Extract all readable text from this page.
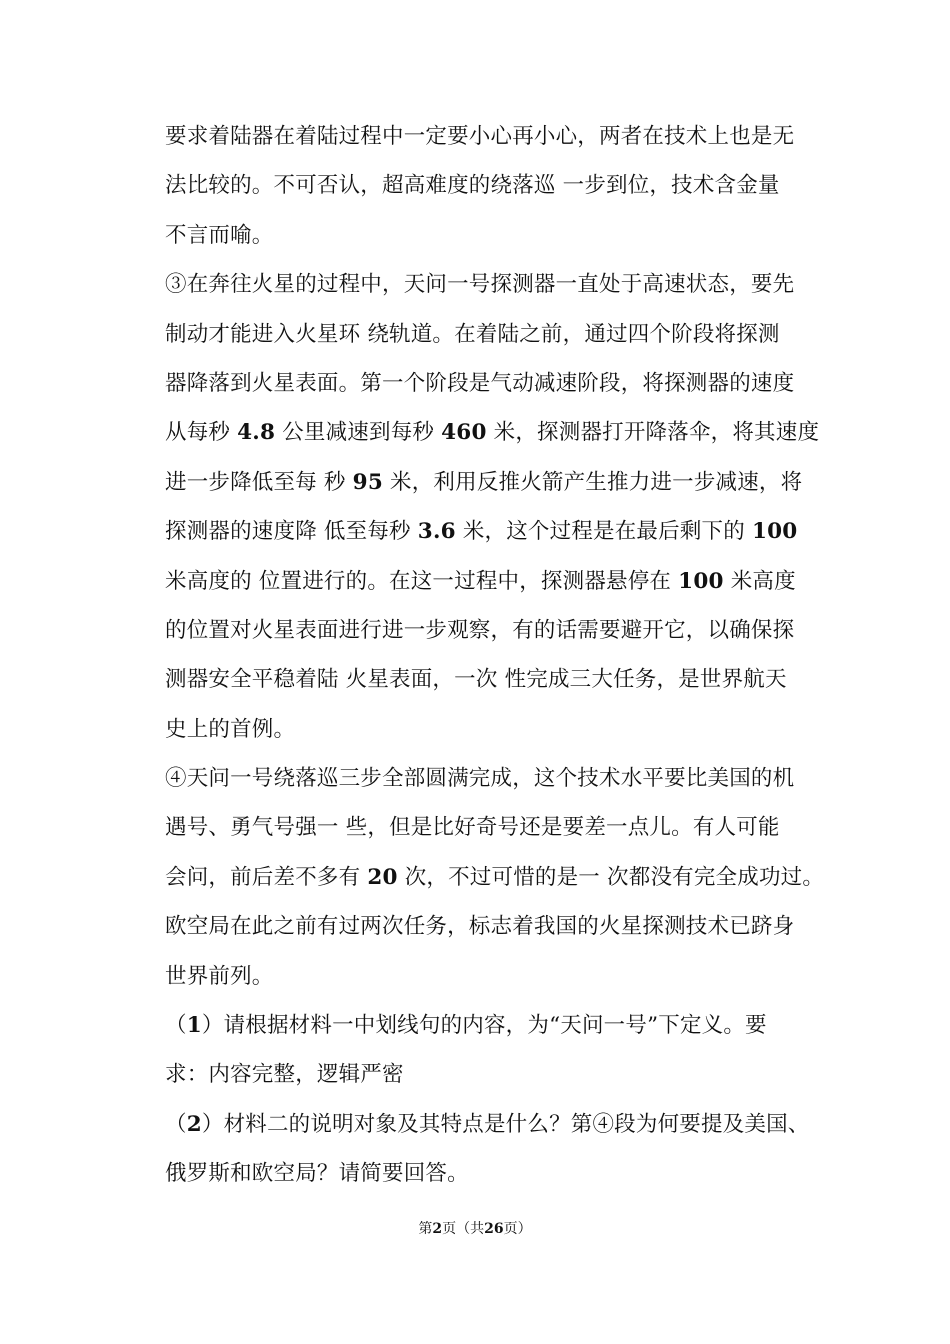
要求着陆器在着陆过程中一定要小心再小心，两者在技术上也是无
法比较的。不可否认，超高难度的绕落巡 一步到位，技术含金量
不言而喻。
③在奔往火星的过程中，天问一号探测器一直处于高速状态，要先
制动才能进入火星环 绕轨道。在着陆之前，通过四个阶段将探测
器降落到火星表面。第一个阶段是气动减速阶段，将探测器的速度
从每秒 4.8 公里减速到每秒 460 米，探测器打开降落伞，将其速度
进一步降低至每 秒 95 米，利用反推火箭产生推力进一步减速，将
探测器的速度降 低至每秒 3.6 米，这个过程是在最后剩下的 100
米高度的 位置进行的。在这一过程中，探测器悬停在 100 米高度
的位置对火星表面进行进一步观察，有的话需要避开它，以确保探
测器安全平稳着陆 火星表面，一次 性完成三大任务，是世界航天
史上的首例。
④天问一号绕落巡三步全部圆满完成，这个技术水平要比美国的机
遇号、勇气号强一 些，但是比好奇号还是要差一点儿。有人可能
会问，前后差不多有 20 次，不过可惜的是一 次都没有完全成功过。
欧空局在此之前有过两次任务，标志着我国的火星探测技术已跻身
世界前列。
（1）请根据材料一中划线句的内容，为“天问一号”下定义。要
求：内容完整，逻辑严密
（2）材料二的说明对象及其特点是什么？第④段为何要提及美国、
俄罗斯和欧空局？请简要回答。
第2页（共26页）
